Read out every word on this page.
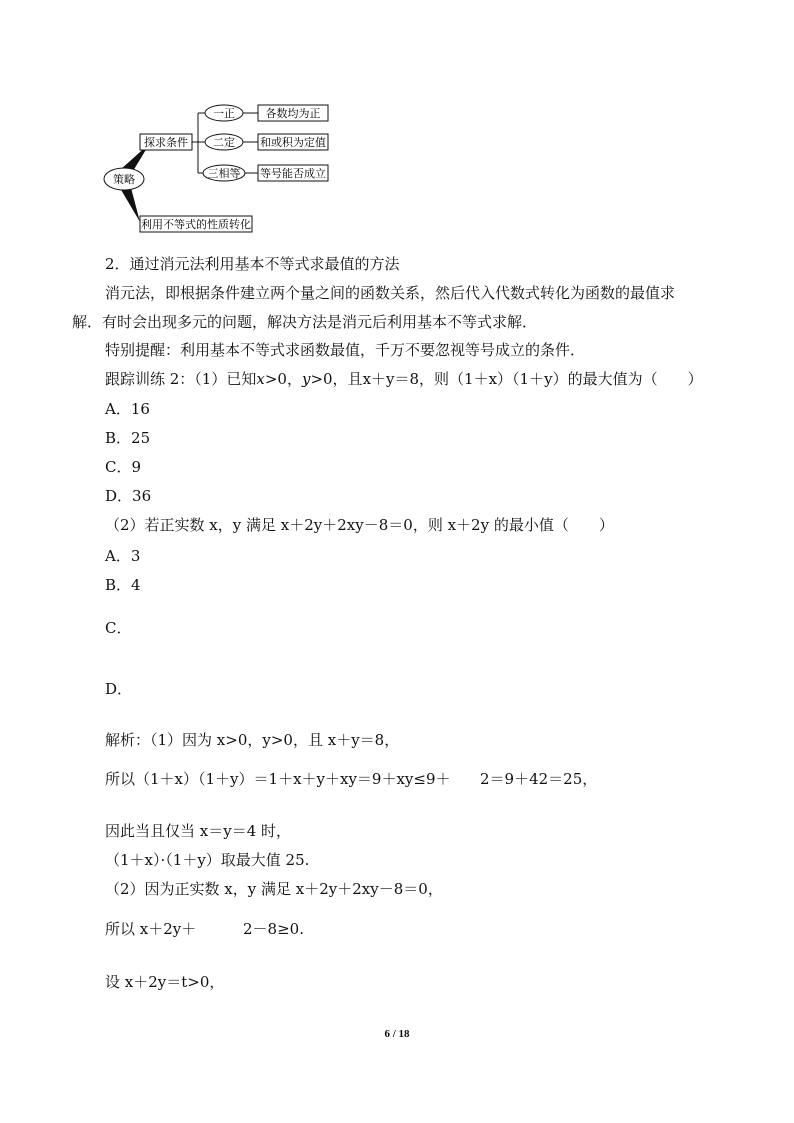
策略
探求条件
利用不等式的性质转化
一正
二定
三相等
各数均为正
和或积为定值
等号能否成立
2．通过消元法利用基本不等式求最值的方法
消元法，即根据条件建立两个量之间的函数关系，然后代入代数式转化为函数的最值求
解．有时会出现多元的问题，解决方法是消元后利用基本不等式求解．
特别提醒：利用基本不等式求函数最值，千万不要忽视等号成立的条件．
跟踪训练 2：（1）已知x>0，y>0，且x＋y＝8，则（1＋x）（1＋y）的最大值为（　　）
A．16
B．25
C．9
D．36
（2）若正实数 x，y 满足 x＋2y＋2xy－8＝0，则 x＋2y 的最小值（　　）
A．3
B．4
C．
D．
解析：（1）因为 x>0，y>0，且 x＋y＝8，
所以（1＋x）（1＋y）＝1＋x＋y＋xy＝9＋xy≤9＋ 2＝9＋42＝25，
因此当且仅当 x＝y＝4 时，
（1＋x）·（1＋y）取最大值 25.
（2）因为正实数 x，y 满足 x＋2y＋2xy－8＝0，
所以 x＋2y＋	2－8≥0.
设 x＋2y＝t>0，
6 / 18
